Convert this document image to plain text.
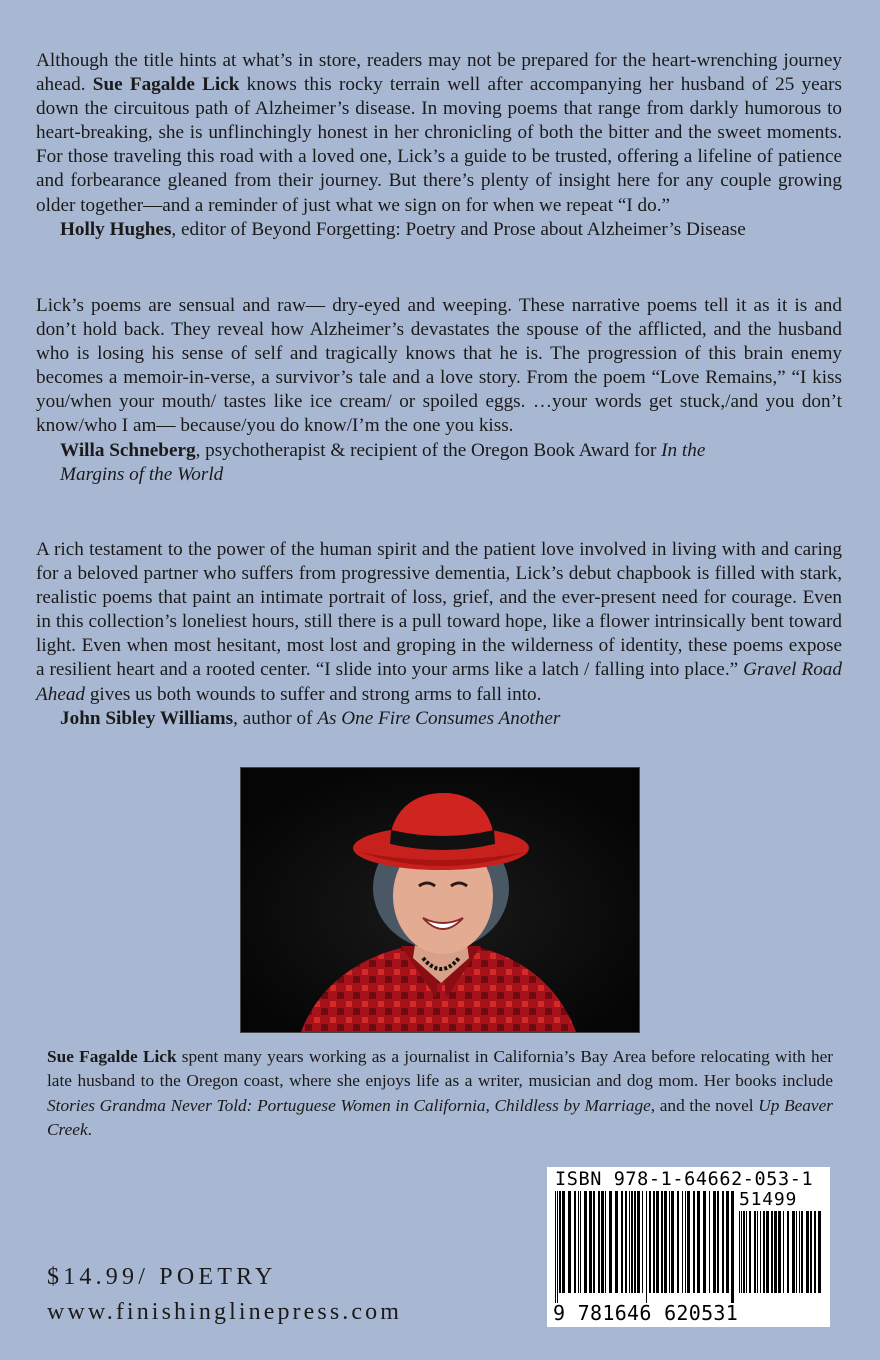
Although the title hints at what’s in store, readers may not be prepared for the heart-wrenching journey ahead. Sue Fagalde Lick knows this rocky terrain well after accompanying her husband of 25 years down the circuitous path of Alzheimer’s disease. In moving poems that range from darkly humorous to heart-breaking, she is unflinchingly honest in her chronicling of both the bitter and the sweet moments. For those traveling this road with a loved one, Lick’s a guide to be trusted, offering a lifeline of patience and forbearance gleaned from their journey. But there’s plenty of insight here for any couple growing older together—and a reminder of just what we sign on for when we repeat “I do.”
Holly Hughes, editor of Beyond Forgetting: Poetry and Prose about Alzheimer’s Disease
Lick’s poems are sensual and raw— dry-eyed and weeping. These narrative poems tell it as it is and don’t hold back. They reveal how Alzheimer’s devastates the spouse of the afflicted, and the husband who is losing his sense of self and tragically knows that he is. The progression of this brain enemy becomes a memoir-in-verse, a survivor’s tale and a love story. From the poem “Love Remains,” “I kiss you/when your mouth/ tastes like ice cream/ or spoiled eggs. …your words get stuck,/and you don’t know/who I am— because/you do know/I’m the one you kiss.
Willa Schneberg, psychotherapist & recipient of the Oregon Book Award for In the
Margins of the World
A rich testament to the power of the human spirit and the patient love involved in living with and caring for a beloved partner who suffers from progressive dementia, Lick’s debut chapbook is filled with stark, realistic poems that paint an intimate portrait of loss, grief, and the ever-present need for courage. Even in this collection’s loneliest hours, still there is a pull toward hope, like a flower intrinsically bent toward light. Even when most hesitant, most lost and groping in the wilderness of identity, these poems expose a resilient heart and a rooted center. “I slide into your arms like a latch / falling into place.” Gravel Road Ahead gives us both wounds to suffer and strong arms to fall into.
John Sibley Williams, author of As One Fire Consumes Another
Sue Fagalde Lick spent many years working as a journalist in California’s Bay Area before relocating with her late husband to the Oregon coast, where she enjoys life as a writer, musician and dog mom. Her books include Stories Grandma Never Told: Portuguese Women in California, Childless by Marriage, and the novel Up Beaver Creek.
$14.99/ POETRY
www.finishinglinepress.com
ISBN 978-1-64662-053-1
51499
9 781646 620531
